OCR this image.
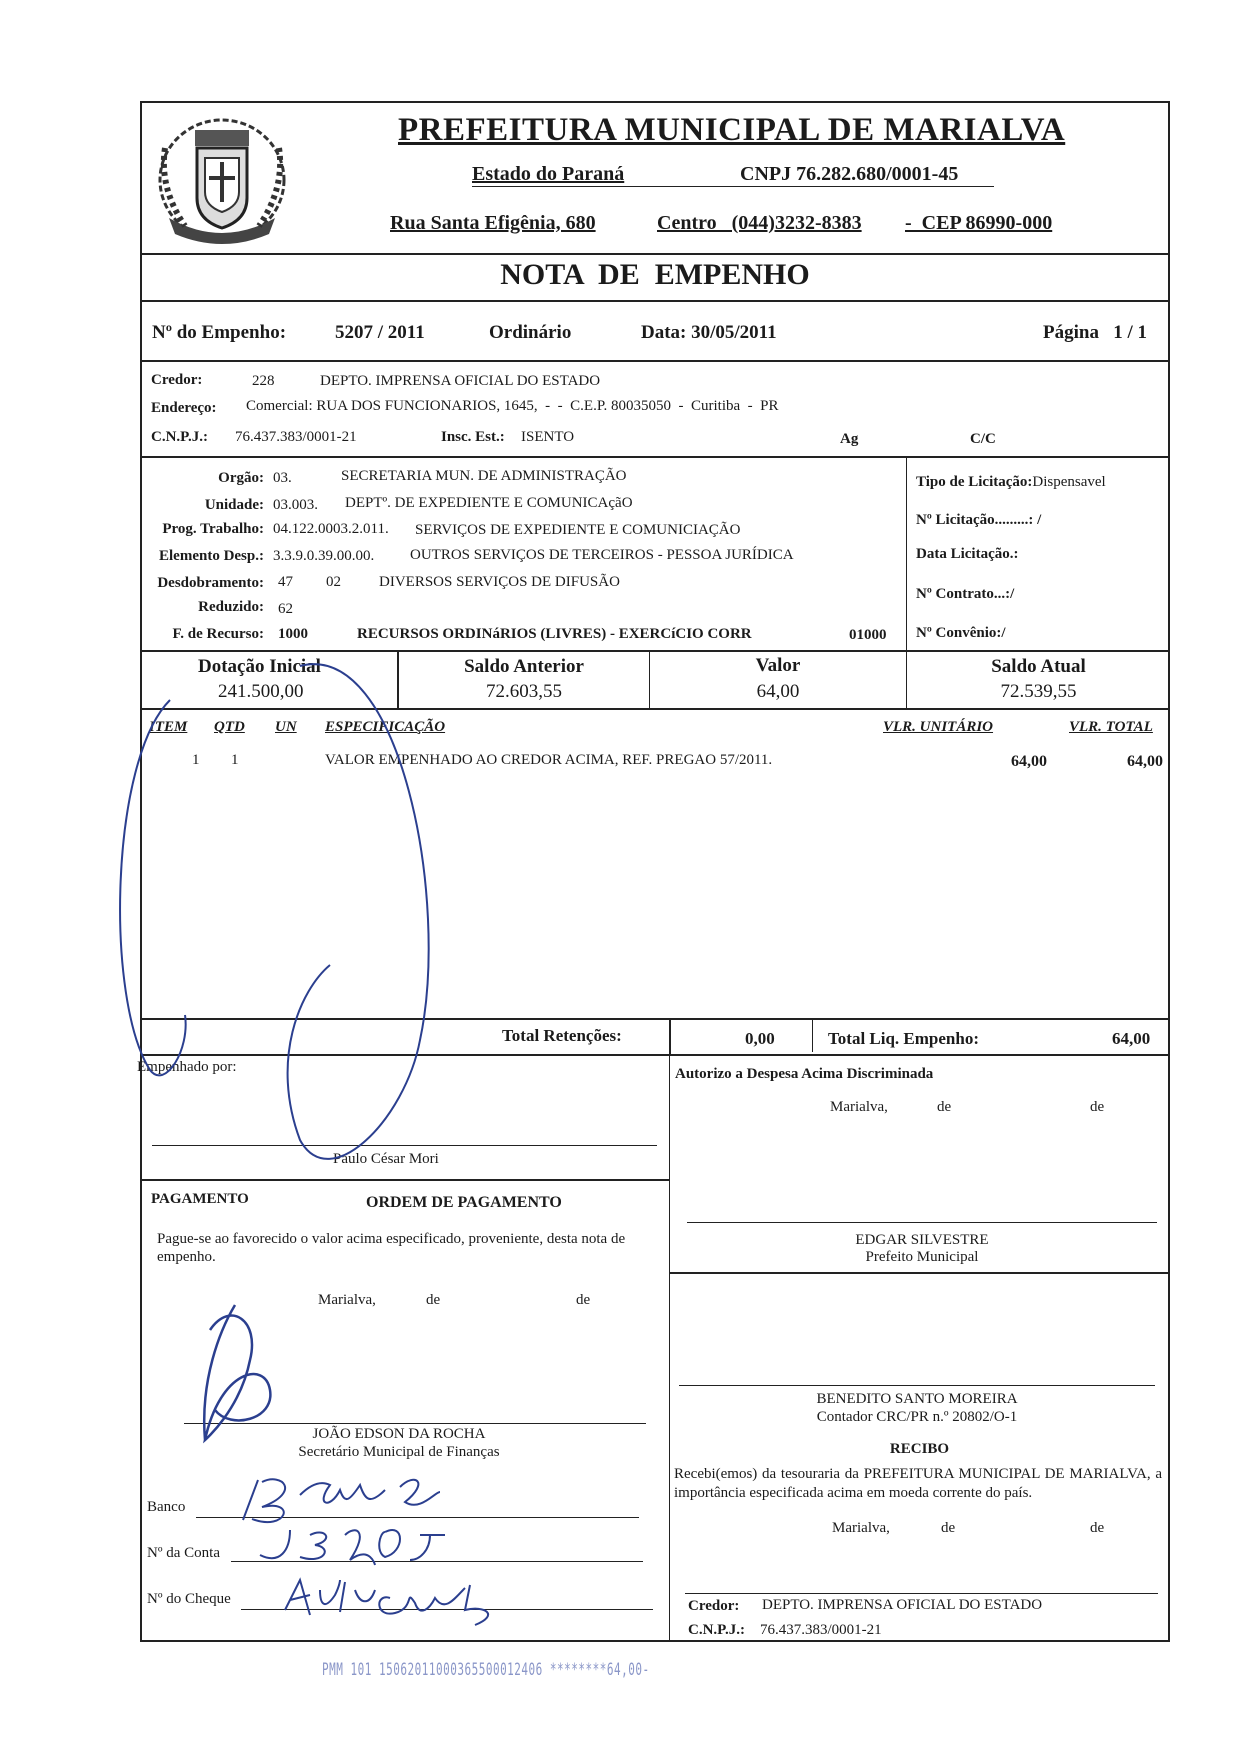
PREFEITURA MUNICIPAL DE MARIALVA
Estado do Paraná	CNPJ 76.282.680/0001-45
Rua Santa Efigênia, 680	Centro   (044)3232-8383 -  CEP 86990-000
NOTA  DE  EMPENHO
Nº do Empenho:	5207 / 2011	Ordinário	Data: 30/05/2011	Página   1 / 1
Credor:	228	DEPTO. IMPRENSA OFICIAL DO ESTADO
Endereço: Comercial: RUA DOS FUNCIONARIOS, 1645,  -  -  C.E.P. 80035050  -  Curitiba  -  PR
C.N.P.J.: 76.437.383/0001-21	Insc. Est.: ISENTO	Ag	C/C
Orgão: 03.	SECRETARIA MUN. DE ADMINISTRAÇÃO
Unidade: 03.003. DEPTº. DE EXPEDIENTE E COMUNICAçãO
Prog. Trabalho: 04.122.0003.2.011. SERVIÇOS DE EXPEDIENTE E COMUNICIAÇÃO
Elemento Desp.: 3.3.9.0.39.00.00. OUTROS SERVIÇOS DE TERCEIROS - PESSOA JURÍDICA
Desdobramento: 47 02	DIVERSOS SERVIÇOS DE DIFUSÃO
Reduzido: 62
F. de Recurso: 1000	RECURSOS ORDINáRIOS (LIVRES) - EXERCíCIO CORR	01000
Tipo de Licitação:Dispensavel
Nº Licitação.........: /
Data Licitação.:
Nº Contrato...:/
Nº Convênio:/
Dotação Inicial
241.500,00
Saldo Anterior
72.603,55
Valor
64,00
Saldo Atual
72.539,55
ITEM QTD UN ESPECIFICAÇÃO	VLR. UNITÁRIO	VLR. TOTAL
1 1	VALOR EMPENHADO AO CREDOR ACIMA, REF. PREGAO 57/2011.	64,00	64,00
Total Retenções:	0,00	Total Liq. Empenho:	64,00
Empenhado por:
Paulo César Mori
Autorizo a Despesa Acima Discriminada
Marialva,	de	de
PAGAMENTO	ORDEM DE PAGAMENTO
Pague-se ao favorecido o valor acima especificado, proveniente, desta nota de empenho.
EDGAR SILVESTRE
Prefeito Municipal
Marialva,	de	de
BENEDITO SANTO MOREIRA
Contador CRC/PR n.º 20802/O-1
JOÃO EDSON DA ROCHA
Secretário Municipal de Finanças	RECIBO
Recebi(emos) da tesouraria da PREFEITURA MUNICIPAL DE MARIALVA, a importância especificada acima em moeda corrente do país.
Marialva,	de	de
Banco
Nº da Conta
Nº do Cheque	Credor: DEPTO. IMPRENSA OFICIAL DO ESTADO
C.N.P.J.: 76.437.383/0001-21
PMM 101 15062011000365500012406 ********64,00-
